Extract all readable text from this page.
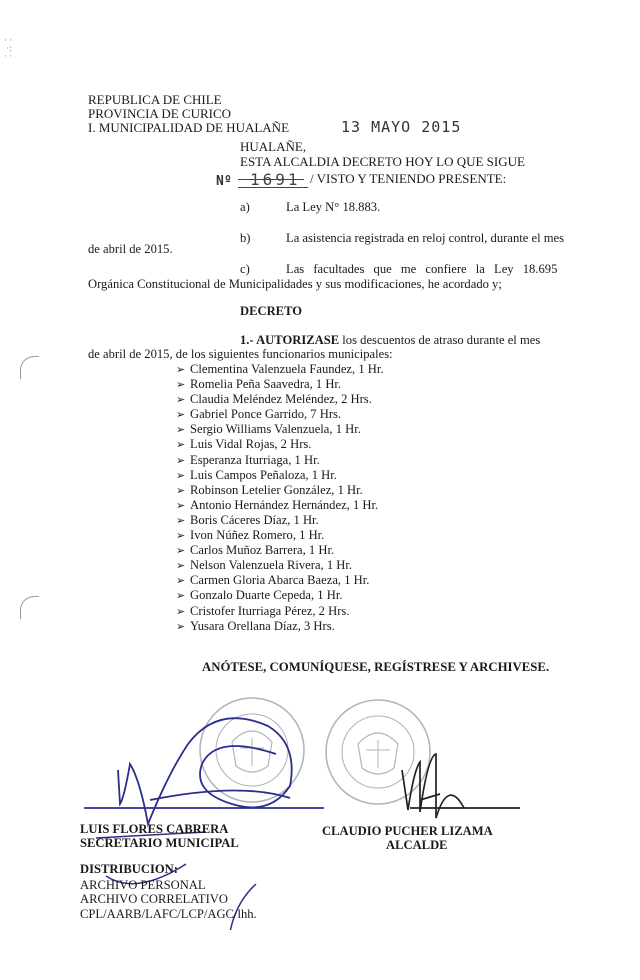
· ·
·:
· ·
REPUBLICA DE CHILE
PROVINCIA DE CURICO
I. MUNICIPALIDAD DE HUALAÑE	13 MAYO 2015
HUALAÑE,
ESTA ALCALDIA DECRETO HOY LO QUE SIGUE
Nº 1691 / VISTO Y TENIENDO PRESENTE:
a)	La Ley N° 18.883.
b)	La asistencia registrada en reloj control, durante el mes
de abril de 2015.
c)	Las facultades que me confiere la Ley 18.695
Orgánica Constitucional de Municipalidades y sus modificaciones, he acordado y;
DECRETO
1.- AUTORIZASE los descuentos de atraso durante el mes
de abril de 2015, de los siguientes funcionarios municipales:
➢ Clementina Valenzuela Faundez, 1 Hr.
➢ Romelia Peña Saavedra, 1 Hr.
➢ Claudia Meléndez Meléndez, 2 Hrs.
➢ Gabriel Ponce Garrido, 7 Hrs.
➢ Sergio Williams Valenzuela, 1 Hr.
➢ Luis Vidal Rojas, 2 Hrs.
➢ Esperanza Iturriaga, 1 Hr.
➢ Luis Campos Peñaloza, 1 Hr.
➢ Robinson Letelier González, 1 Hr.
➢ Antonio Hernández Hernández, 1 Hr.
➢ Boris Cáceres Díaz, 1 Hr.
➢ Ivon Núñez Romero, 1 Hr.
➢ Carlos Muñoz Barrera, 1 Hr.
➢ Nelson Valenzuela Rivera, 1 Hr.
➢ Carmen Gloria Abarca Baeza, 1 Hr.
➢ Gonzalo Duarte Cepeda, 1 Hr.
➢ Cristofer Iturriaga Pérez, 2 Hrs.
➢ Yusara Orellana Díaz, 3 Hrs.
ANÓTESE, COMUNÍQUESE, REGÍSTRESE Y ARCHIVESE.
LUIS FLORES CABRERA
SECRETARIO MUNICIPAL
CLAUDIO PUCHER LIZAMA
ALCALDE
DISTRIBUCION:
ARCHIVO PERSONAL
ARCHIVO CORRELATIVO
CPL/AARB/LAFC/LCP/AGC/lhh.
